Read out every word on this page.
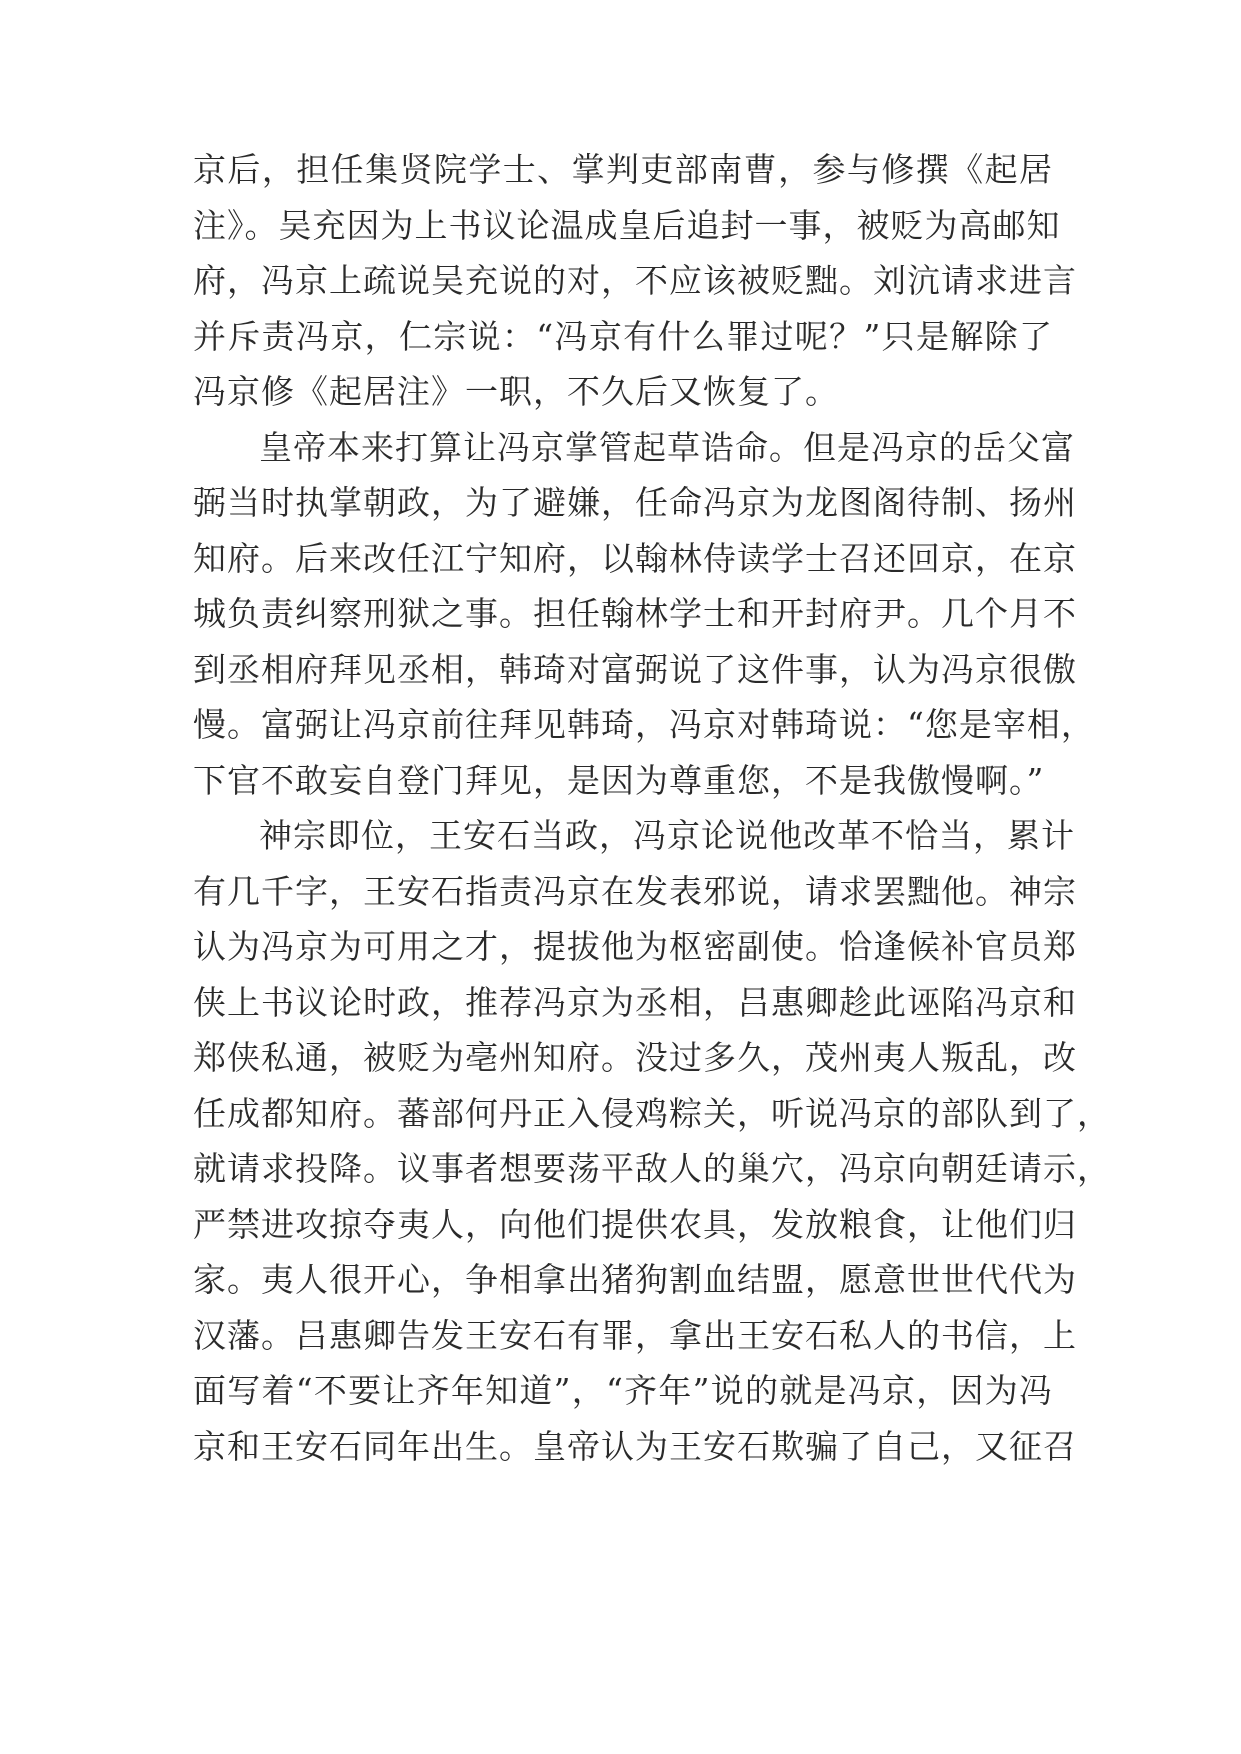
京后，担任集贤院学士、掌判吏部南曹，参与修撰《起居
注》。吴充因为上书议论温成皇后追封一事，被贬为高邮知
府，冯京上疏说吴充说的对，不应该被贬黜。刘沆请求进言
并斥责冯京，仁宗说：“冯京有什么罪过呢？”只是解除了
冯京修《起居注》一职，不久后又恢复了。
皇帝本来打算让冯京掌管起草诰命。但是冯京的岳父富
弼当时执掌朝政，为了避嫌，任命冯京为龙图阁待制、扬州
知府。后来改任江宁知府，以翰林侍读学士召还回京，在京
城负责纠察刑狱之事。担任翰林学士和开封府尹。几个月不
到丞相府拜见丞相，韩琦对富弼说了这件事，认为冯京很傲
慢。富弼让冯京前往拜见韩琦，冯京对韩琦说：“您是宰相，
下官不敢妄自登门拜见，是因为尊重您，不是我傲慢啊。”
神宗即位，王安石当政，冯京论说他改革不恰当，累计
有几千字，王安石指责冯京在发表邪说，请求罢黜他。神宗
认为冯京为可用之才，提拔他为枢密副使。恰逢候补官员郑
侠上书议论时政，推荐冯京为丞相，吕惠卿趁此诬陷冯京和
郑侠私通，被贬为亳州知府。没过多久，茂州夷人叛乱，改
任成都知府。蕃部何丹正入侵鸡粽关，听说冯京的部队到了，
就请求投降。议事者想要荡平敌人的巢穴，冯京向朝廷请示，
严禁进攻掠夺夷人，向他们提供农具，发放粮食，让他们归
家。夷人很开心，争相拿出猪狗割血结盟，愿意世世代代为
汉藩。吕惠卿告发王安石有罪，拿出王安石私人的书信，上
面写着“不要让齐年知道”，“齐年”说的就是冯京，因为冯
京和王安石同年出生。皇帝认为王安石欺骗了自己，又征召
